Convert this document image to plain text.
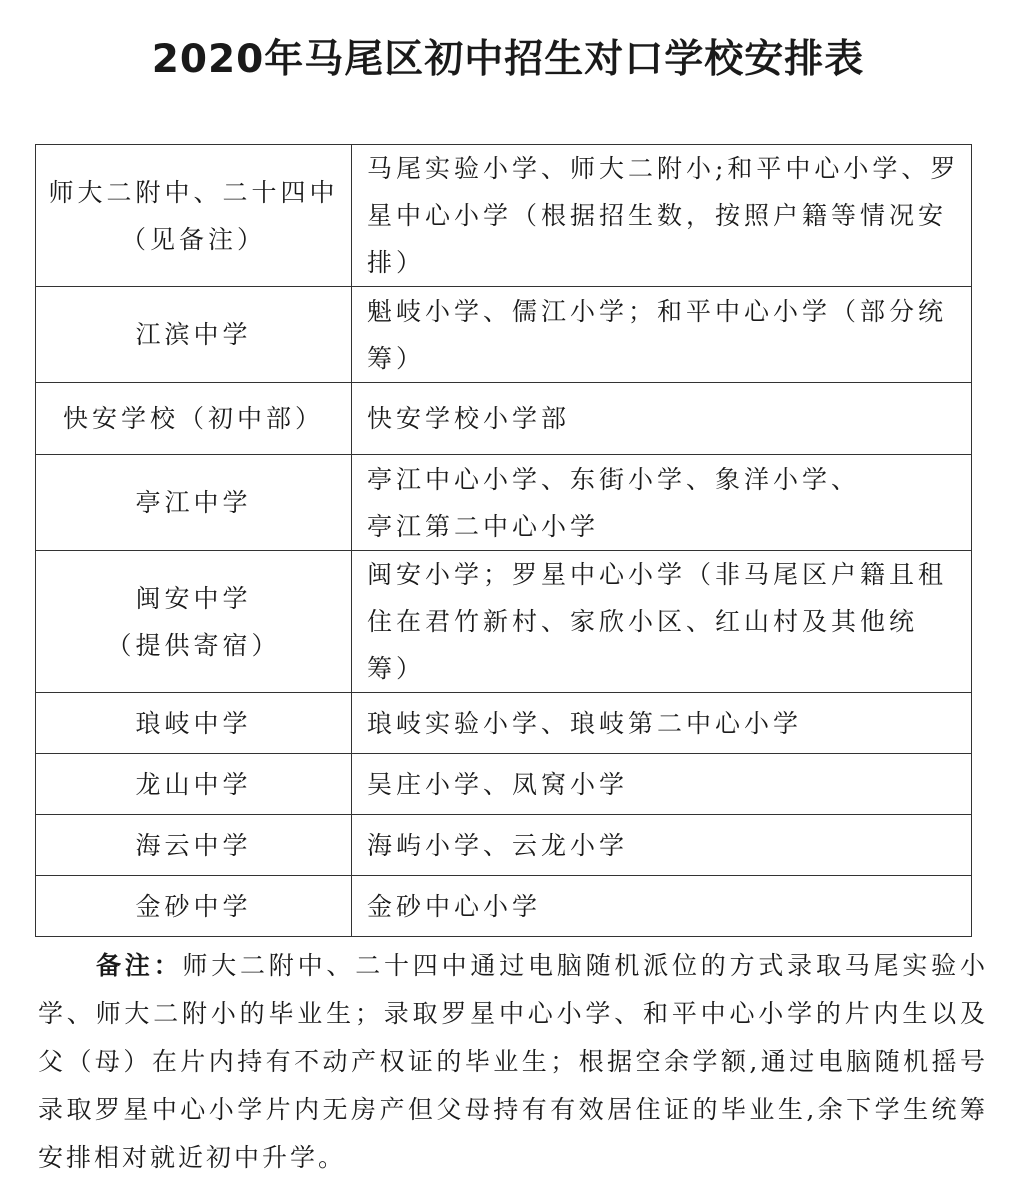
2020年马尾区初中招生对口学校安排表
师大二附中、二十四中
（见备注）	马尾实验小学、师大二附小;和平中心小学、罗星中心小学（根据招生数，按照户籍等情况安排）

江滨中学	魁岐小学、儒江小学；和平中心小学（部分统筹）

快安学校（初中部）	快安学校小学部

亭江中学	亭江中心小学、东街小学、象洋小学、
亭江第二中心小学

闽安中学
（提供寄宿）	闽安小学；罗星中心小学（非马尾区户籍且租住在君竹新村、家欣小区、红山村及其他统筹）

琅岐中学	琅岐实验小学、琅岐第二中心小学

龙山中学	吴庄小学、凤窝小学

海云中学	海屿小学、云龙小学

金砂中学	金砂中心小学
备注：师大二附中、二十四中通过电脑随机派位的方式录取马尾实验小学、师大二附小的毕业生；录取罗星中心小学、和平中心小学的片内生以及父（母）在片内持有不动产权证的毕业生；根据空余学额,通过电脑随机摇号录取罗星中心小学片内无房产但父母持有有效居住证的毕业生,余下学生统筹安排相对就近初中升学。
